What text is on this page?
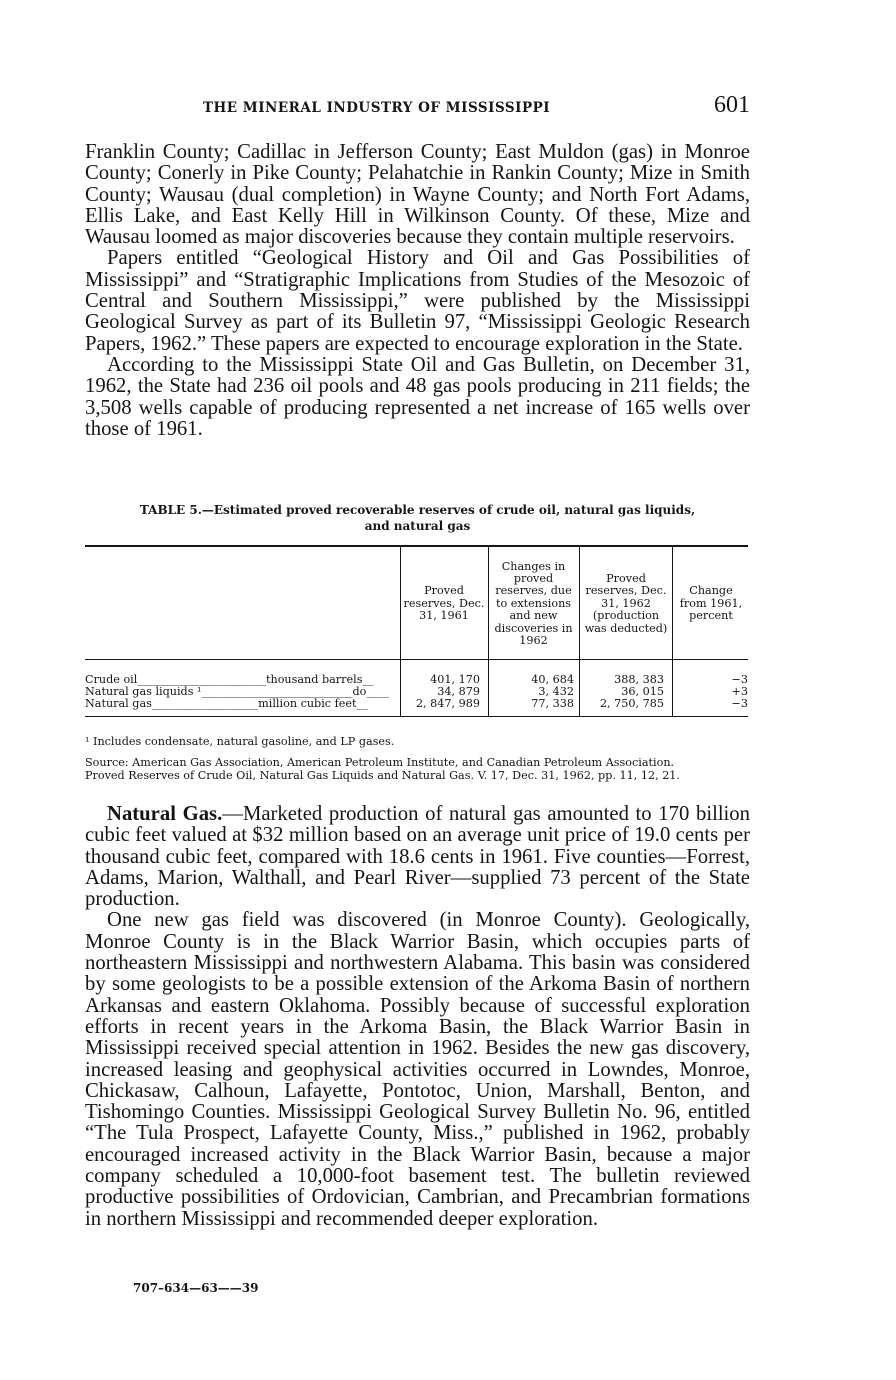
THE MINERAL INDUSTRY OF MISSISSIPPI	601

Franklin County; Cadillac in Jefferson County; East Muldon (gas) in Monroe County; Conerly in Pike County; Pelahatchie in Rankin County; Mize in Smith County; Wausau (dual completion) in Wayne County; and North Fort Adams, Ellis Lake, and East Kelly Hill in Wilkinson County. Of these, Mize and Wausau loomed as major discoveries because they contain multiple reservoirs.

Papers entitled “Geological History and Oil and Gas Possibilities of Mississippi” and “Stratigraphic Implications from Studies of the Mesozoic of Central and Southern Mississippi,” were published by the Mississippi Geological Survey as part of its Bulletin 97, “Mississippi Geologic Research Papers, 1962.” These papers are expected to encourage exploration in the State.

According to the Mississippi State Oil and Gas Bulletin, on December 31, 1962, the State had 236 oil pools and 48 gas pools producing in 211 fields; the 3,508 wells capable of producing represented a net increase of 165 wells over those of 1961.

TABLE 5.—Estimated proved recoverable reserves of crude oil, natural gas liquids,
and natural gas
Proved reserves, Dec. 31, 1961
Changes in proved reserves, due to extensions and new discoveries in 1962
Proved reserves, Dec. 31, 1962 (production was deducted)
Change from 1961, percent
Crude oil_______________________thousand barrels__	401, 170	40, 684	388, 383	−3
Natural gas liquids ¹___________________________do____	34, 879	3, 432	36, 015	+3
Natural gas___________________million cubic feet__	2, 847, 989	77, 338	2, 750, 785	−3
¹ Includes condensate, natural gasoline, and LP gases.
Source: American Gas Association, American Petroleum Institute, and Canadian Petroleum Association.
Proved Reserves of Crude Oil, Natural Gas Liquids and Natural Gas. V. 17, Dec. 31, 1962, pp. 11, 12, 21.

Natural Gas.—Marketed production of natural gas amounted to 170 billion cubic feet valued at $32 million based on an average unit price of 19.0 cents per thousand cubic feet, compared with 18.6 cents in 1961. Five counties—Forrest, Adams, Marion, Walthall, and Pearl River—supplied 73 percent of the State production.

One new gas field was discovered (in Monroe County). Geologically, Monroe County is in the Black Warrior Basin, which occupies parts of northeastern Mississippi and northwestern Alabama. This basin was considered by some geologists to be a possible extension of the Arkoma Basin of northern Arkansas and eastern Oklahoma. Possibly because of successful exploration efforts in recent years in the Arkoma Basin, the Black Warrior Basin in Mississippi received special attention in 1962. Besides the new gas discovery, increased leasing and geophysical activities occurred in Lowndes, Monroe, Chickasaw, Calhoun, Lafayette, Pontotoc, Union, Marshall, Benton, and Tishomingo Counties. Mississippi Geological Survey Bulletin No. 96, entitled “The Tula Prospect, Lafayette County, Miss.,” published in 1962, probably encouraged increased activity in the Black Warrior Basin, because a major company scheduled a 10,000-foot basement test. The bulletin reviewed productive possibilities of Ordovician, Cambrian, and Precambrian formations in northern Mississippi and recommended deeper exploration.

707–634—63——39
